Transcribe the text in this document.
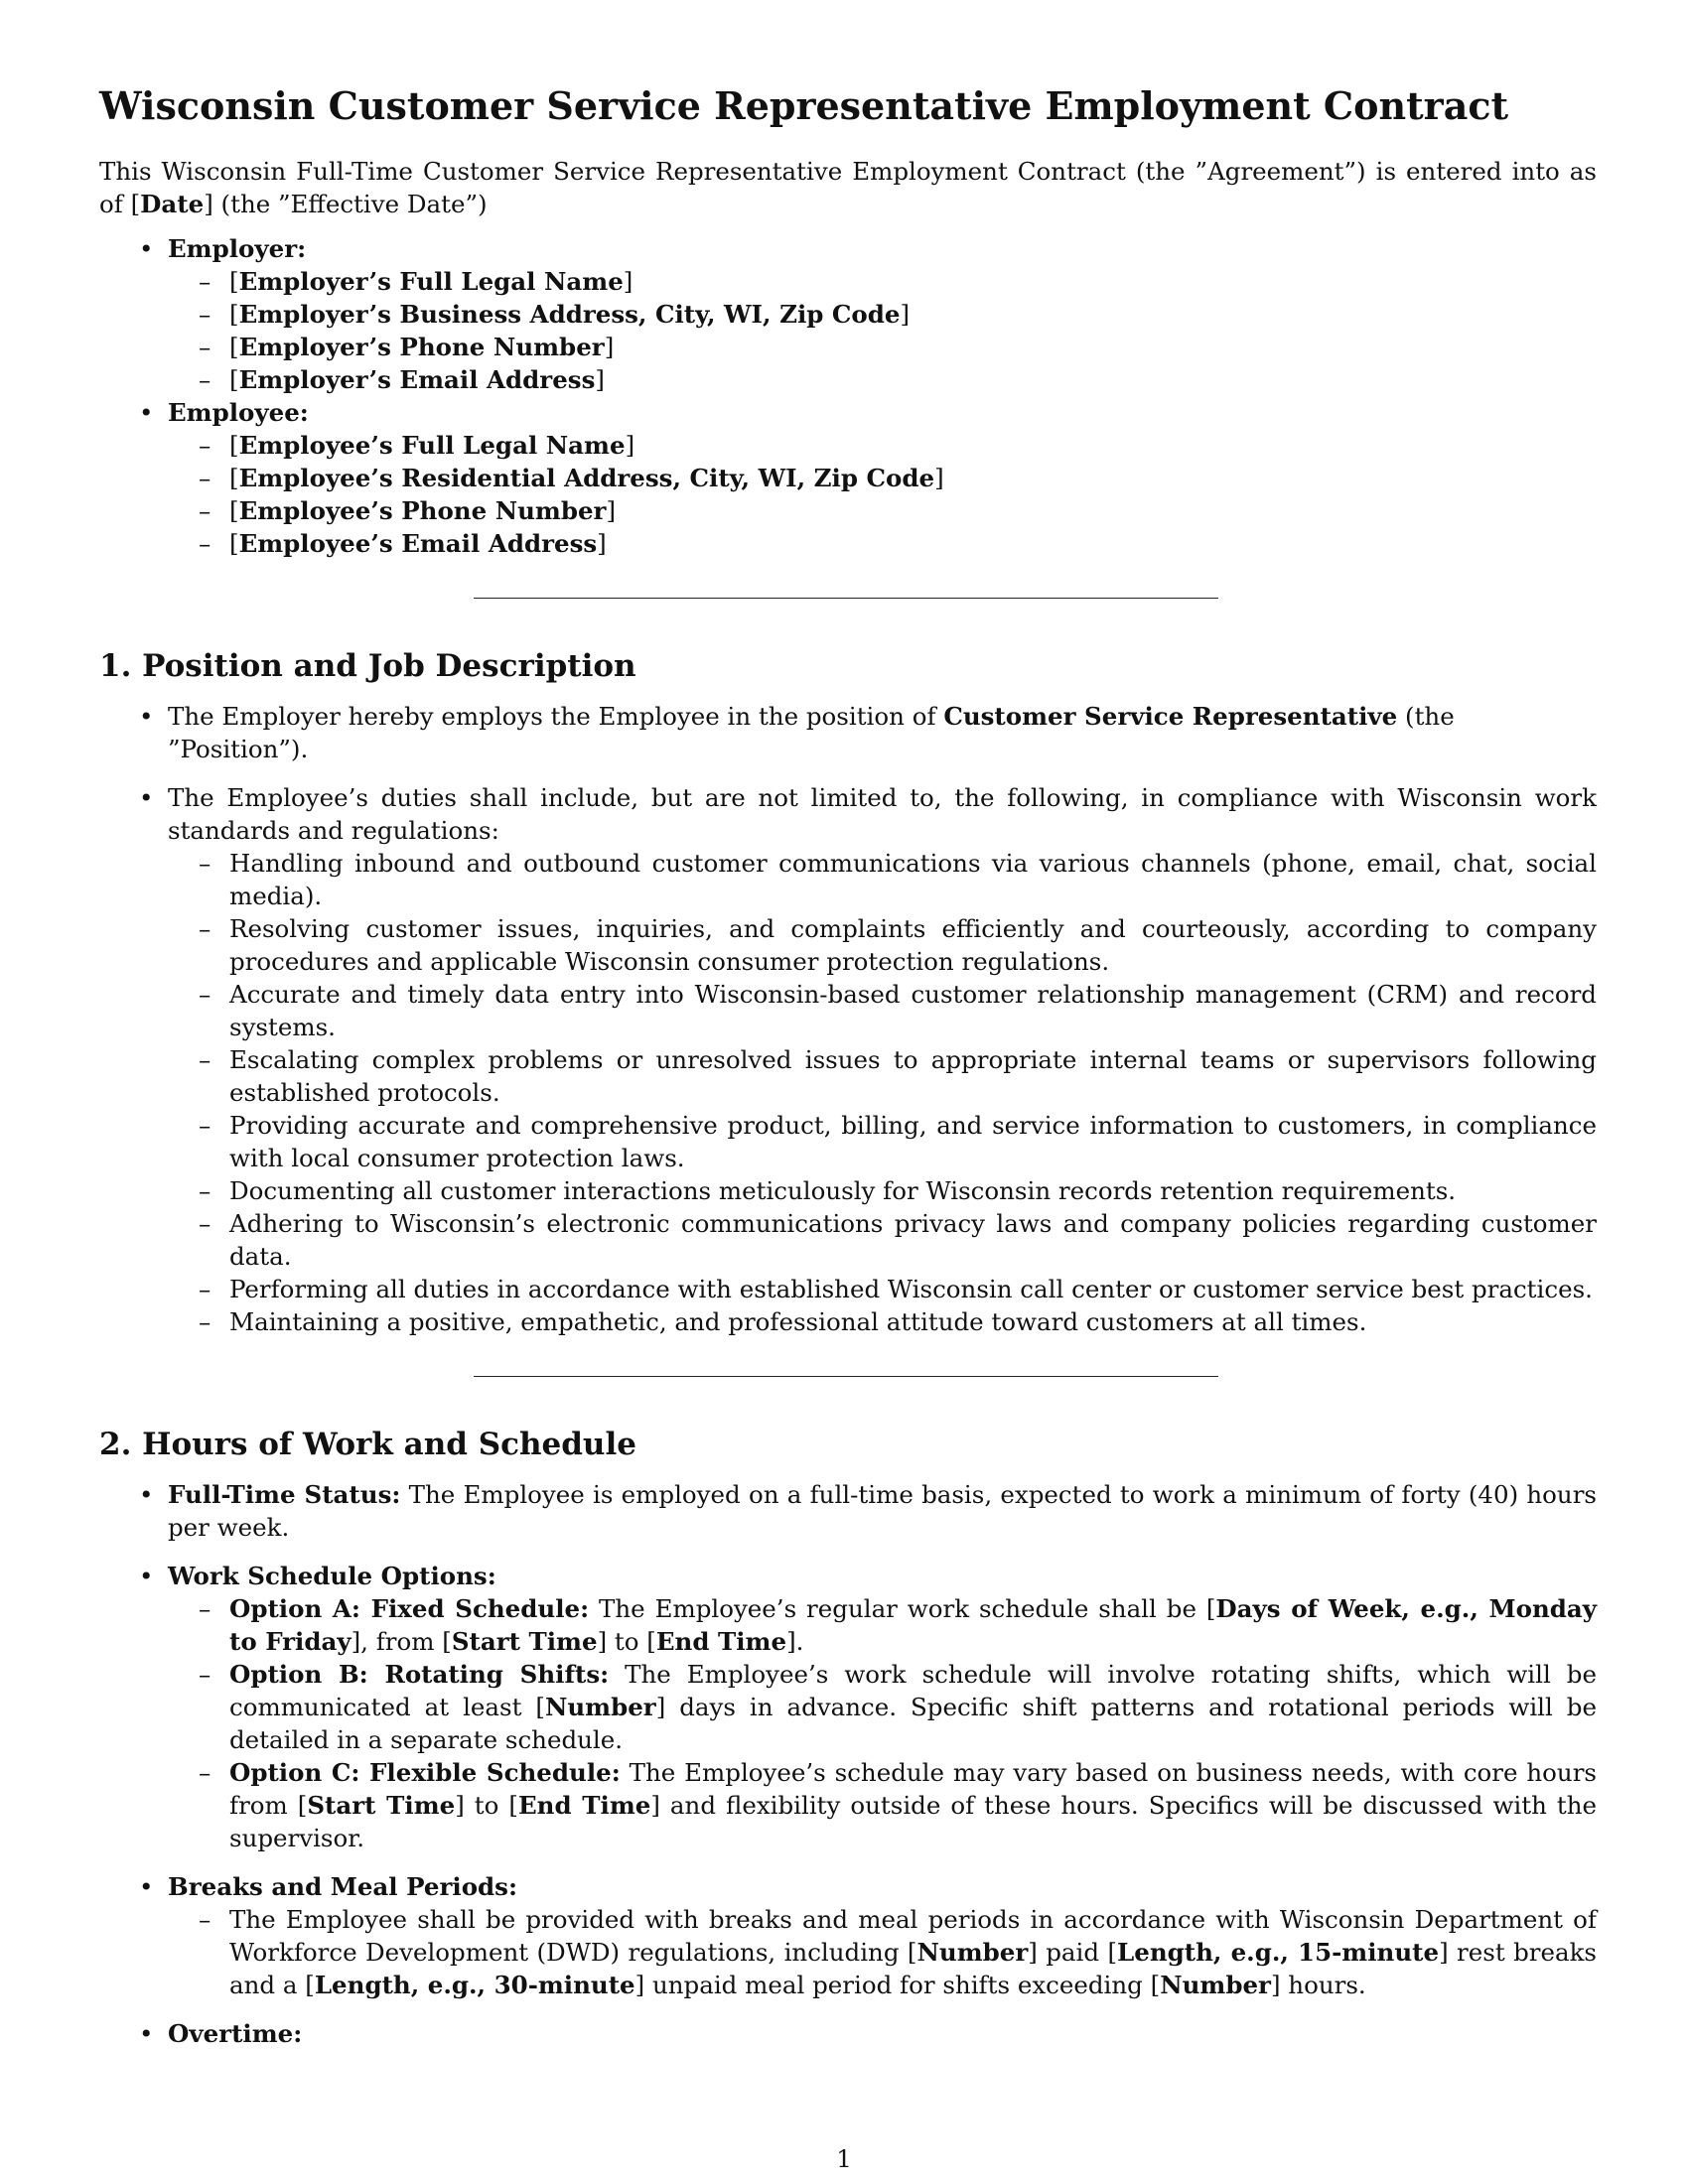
Wisconsin Customer Service Representative Employment Contract

This Wisconsin Full-Time Customer Service Representative Employment Contract (the ”Agreement”) is entered into as of [Date] (the ”Effective Date”)

• Employer:
– [Employer’s Full Legal Name]
– [Employer’s Business Address, City, WI, Zip Code]
– [Employer’s Phone Number]
– [Employer’s Email Address]
• Employee:
– [Employee’s Full Legal Name]
– [Employee’s Residential Address, City, WI, Zip Code]
– [Employee’s Phone Number]
– [Employee’s Email Address]
1. Position and Job Description
• The Employer hereby employs the Employee in the position of Customer Service Representative (the ”Position”).
• The Employee’s duties shall include, but are not limited to, the following, in compliance with Wisconsin work standards and regulations:
– Handling inbound and outbound customer communications via various channels (phone, email, chat, social media).
– Resolving customer issues, inquiries, and complaints efficiently and courteously, according to company procedures and applicable Wisconsin consumer protection regulations.
– Accurate and timely data entry into Wisconsin-based customer relationship management (CRM) and record systems.
– Escalating complex problems or unresolved issues to appropriate internal teams or supervisors following established protocols.
– Providing accurate and comprehensive product, billing, and service information to customers, in compliance with local consumer protection laws.
– Documenting all customer interactions meticulously for Wisconsin records retention requirements.
– Adhering to Wisconsin’s electronic communications privacy laws and company policies regarding customer data.
– Performing all duties in accordance with established Wisconsin call center or customer service best practices.
– Maintaining a positive, empathetic, and professional attitude toward customers at all times.
2. Hours of Work and Schedule
• Full-Time Status: The Employee is employed on a full-time basis, expected to work a minimum of forty (40) hours per week.
• Work Schedule Options:
– Option A: Fixed Schedule: The Employee’s regular work schedule shall be [Days of Week, e.g., Monday to Friday], from [Start Time] to [End Time].
– Option B: Rotating Shifts: The Employee’s work schedule will involve rotating shifts, which will be communicated at least [Number] days in advance. Specific shift patterns and rotational periods will be detailed in a separate schedule.
– Option C: Flexible Schedule: The Employee’s schedule may vary based on business needs, with core hours from [Start Time] to [End Time] and flexibility outside of these hours. Specifics will be discussed with the supervisor.
• Breaks and Meal Periods:
– The Employee shall be provided with breaks and meal periods in accordance with Wisconsin Department of Workforce Development (DWD) regulations, including [Number] paid [Length, e.g., 15-minute] rest breaks and a [Length, e.g., 30-minute] unpaid meal period for shifts exceeding [Number] hours.
• Overtime:
1
